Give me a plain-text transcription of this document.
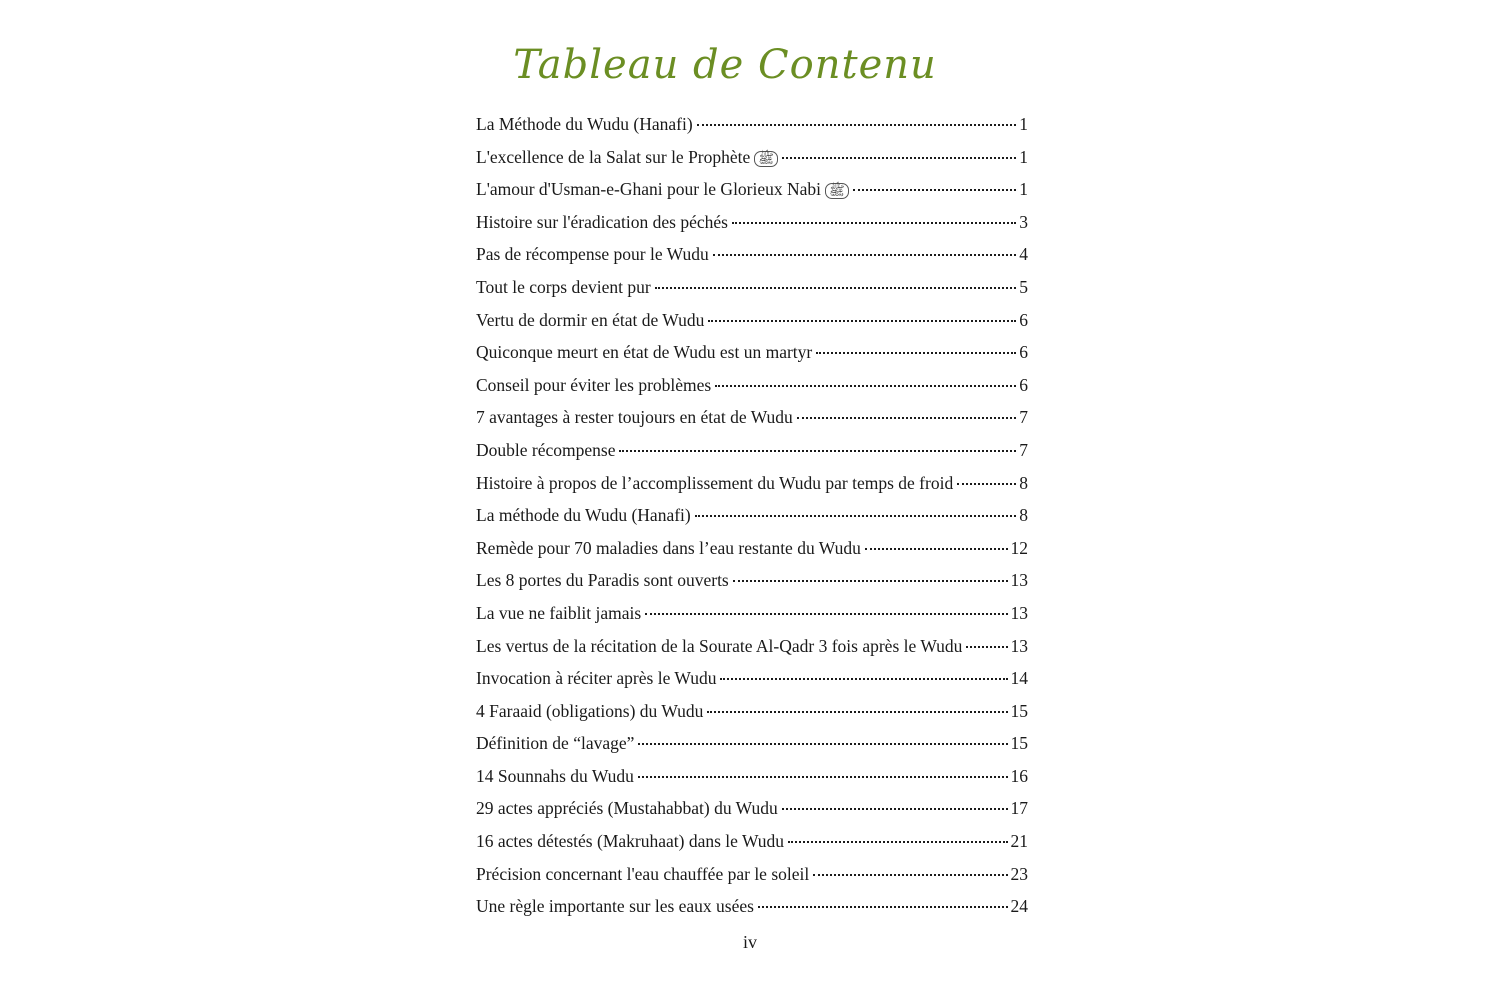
Tableau de Contenu
La Méthode du Wudu (Hanafi)	1
L'excellence de la Salat sur le Prophète ﷺ	1
L'amour d'Usman-e-Ghani pour le Glorieux Nabi ﷺ	1
Histoire sur l'éradication des péchés	3
Pas de récompense pour le Wudu	4
Tout le corps devient pur	5
Vertu de dormir en état de Wudu	6
Quiconque meurt en état de Wudu est un martyr	6
Conseil pour éviter les problèmes	6
7 avantages à rester toujours en état de Wudu	7
Double récompense	7
Histoire à propos de l’accomplissement du Wudu par temps de froid	8
La méthode du Wudu (Hanafi)	8
Remède pour 70 maladies dans l’eau restante du Wudu	12
Les 8 portes du Paradis sont ouverts	13
La vue ne faiblit jamais	13
Les vertus de la récitation de la Sourate Al-Qadr 3 fois après le Wudu	13
Invocation à réciter après le Wudu	14
4 Faraaid (obligations) du Wudu	15
Définition de “lavage”	15
14 Sounnahs du Wudu	16
29 actes appréciés (Mustahabbat) du Wudu	17
16 actes détestés (Makruhaat) dans le Wudu	21
Précision concernant l'eau chauffée par le soleil	23
Une règle importante sur les eaux usées	24
iv
